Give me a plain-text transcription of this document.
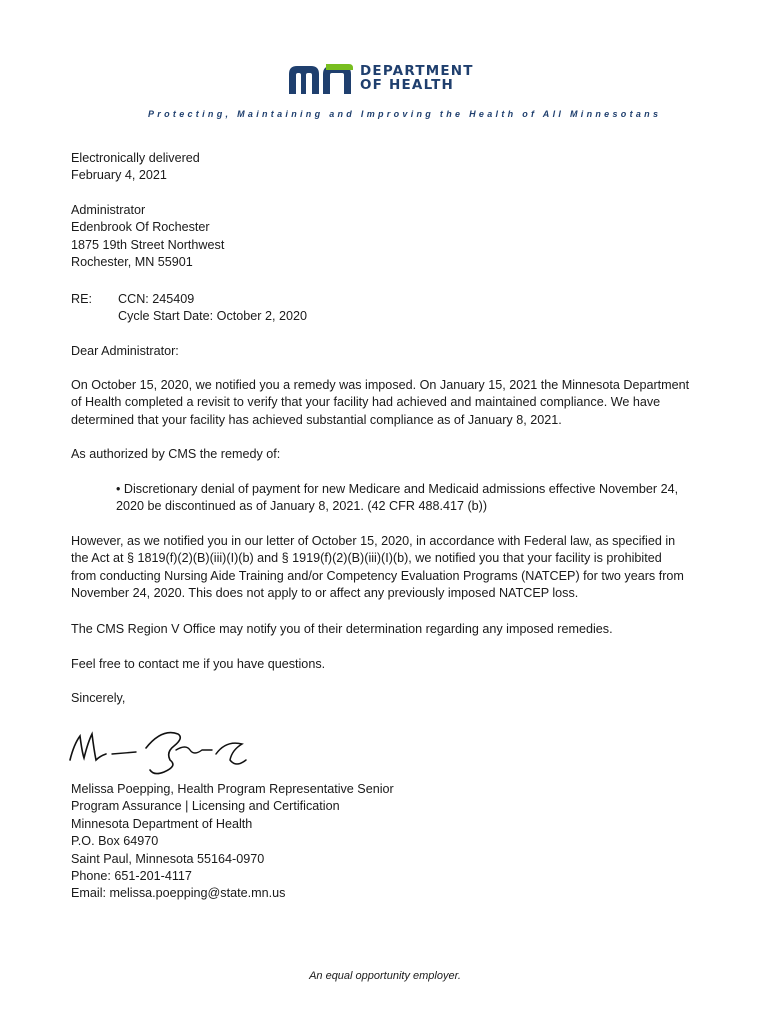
DEPARTMENT
OF HEALTH
Protecting, Maintaining and Improving the Health of All Minnesotans
Electronically delivered
February 4, 2021
Administrator
Edenbrook Of Rochester
1875 19th Street Northwest
Rochester, MN 55901
RE: CCN: 245409
Cycle Start Date: October 2, 2020
Dear Administrator:
On October 15, 2020, we notified you a remedy was imposed. On January 15, 2021 the Minnesota Department
of Health completed a revisit to verify that your facility had achieved and maintained compliance. We have
determined that your facility has achieved substantial compliance as of January 8, 2021.
As authorized by CMS the remedy of:
• Discretionary denial of payment for new Medicare and Medicaid admissions effective November 24,
2020 be discontinued as of January 8, 2021. (42 CFR 488.417 (b))
However, as we notified you in our letter of October 15, 2020, in accordance with Federal law, as specified in
the Act at § 1819(f)(2)(B)(iii)(I)(b) and § 1919(f)(2)(B)(iii)(I)(b), we notified you that your facility is prohibited
from conducting Nursing Aide Training and/or Competency Evaluation Programs (NATCEP) for two years from
November 24, 2020. This does not apply to or affect any previously imposed NATCEP loss.
The CMS Region V Office may notify you of their determination regarding any imposed remedies.
Feel free to contact me if you have questions.
Sincerely,
Melissa Poepping, Health Program Representative Senior
Program Assurance | Licensing and Certification
Minnesota Department of Health
P.O. Box 64970
Saint Paul, Minnesota 55164-0970
Phone: 651-201-4117
Email: melissa.poepping@state.mn.us
An equal opportunity employer.
